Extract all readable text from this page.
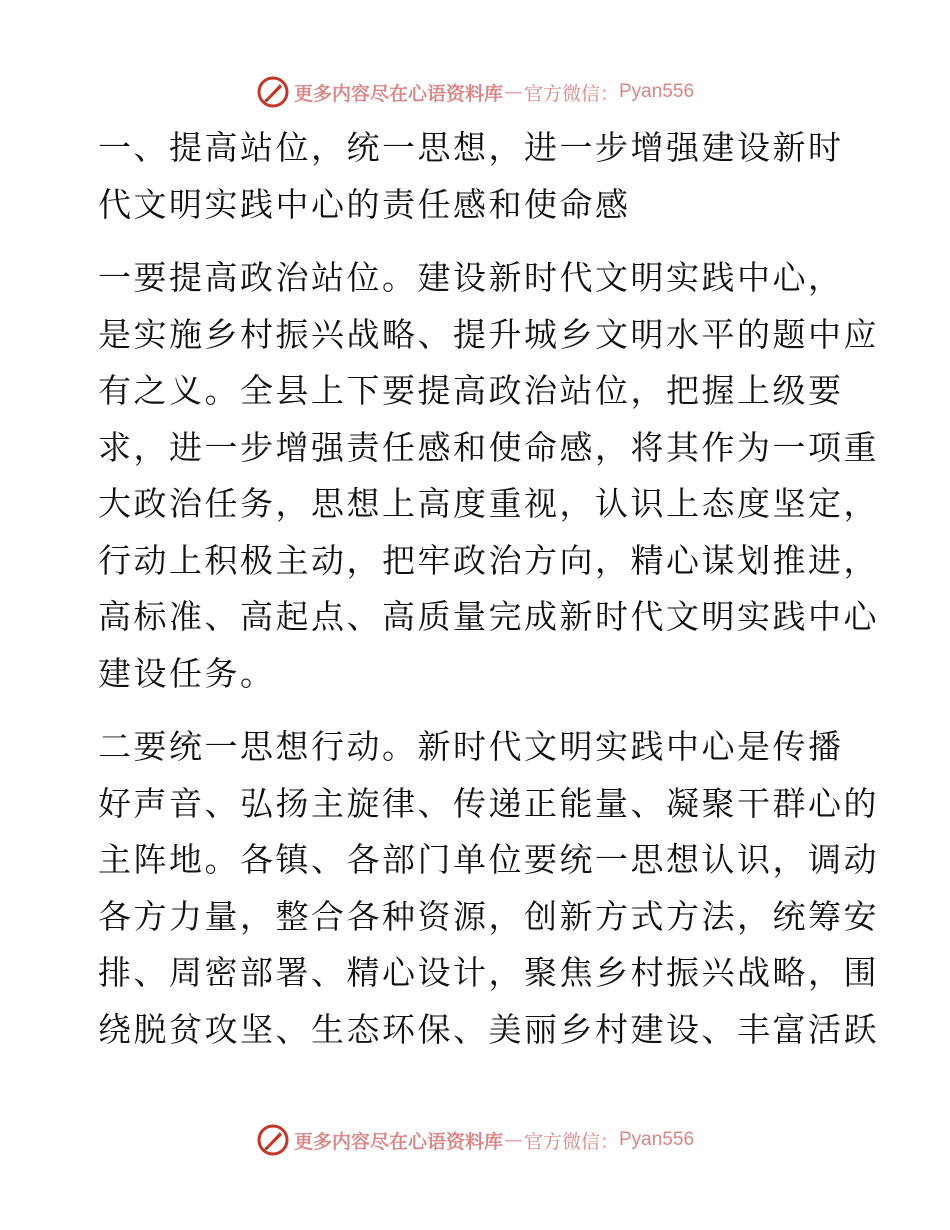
更多内容尽在心语资料库 — 官方微信： Pyan556
一、提高站位，统一思想，进一步增强建设新时
代文明实践中心的责任感和使命感
一要提高政治站位。建设新时代文明实践中心，
是实施乡村振兴战略、提升城乡文明水平的题中应
有之义。全县上下要提高政治站位，把握上级要
求，进一步增强责任感和使命感，将其作为一项重
大政治任务，思想上高度重视，认识上态度坚定，
行动上积极主动，把牢政治方向，精心谋划推进，
高标准、高起点、高质量完成新时代文明实践中心
建设任务。
二要统一思想行动。新时代文明实践中心是传播
好声音、弘扬主旋律、传递正能量、凝聚干群心的
主阵地。各镇、各部门单位要统一思想认识，调动
各方力量，整合各种资源，创新方式方法，统筹安
排、周密部署、精心设计，聚焦乡村振兴战略，围
绕脱贫攻坚、生态环保、美丽乡村建设、丰富活跃
更多内容尽在心语资料库 — 官方微信： Pyan556
